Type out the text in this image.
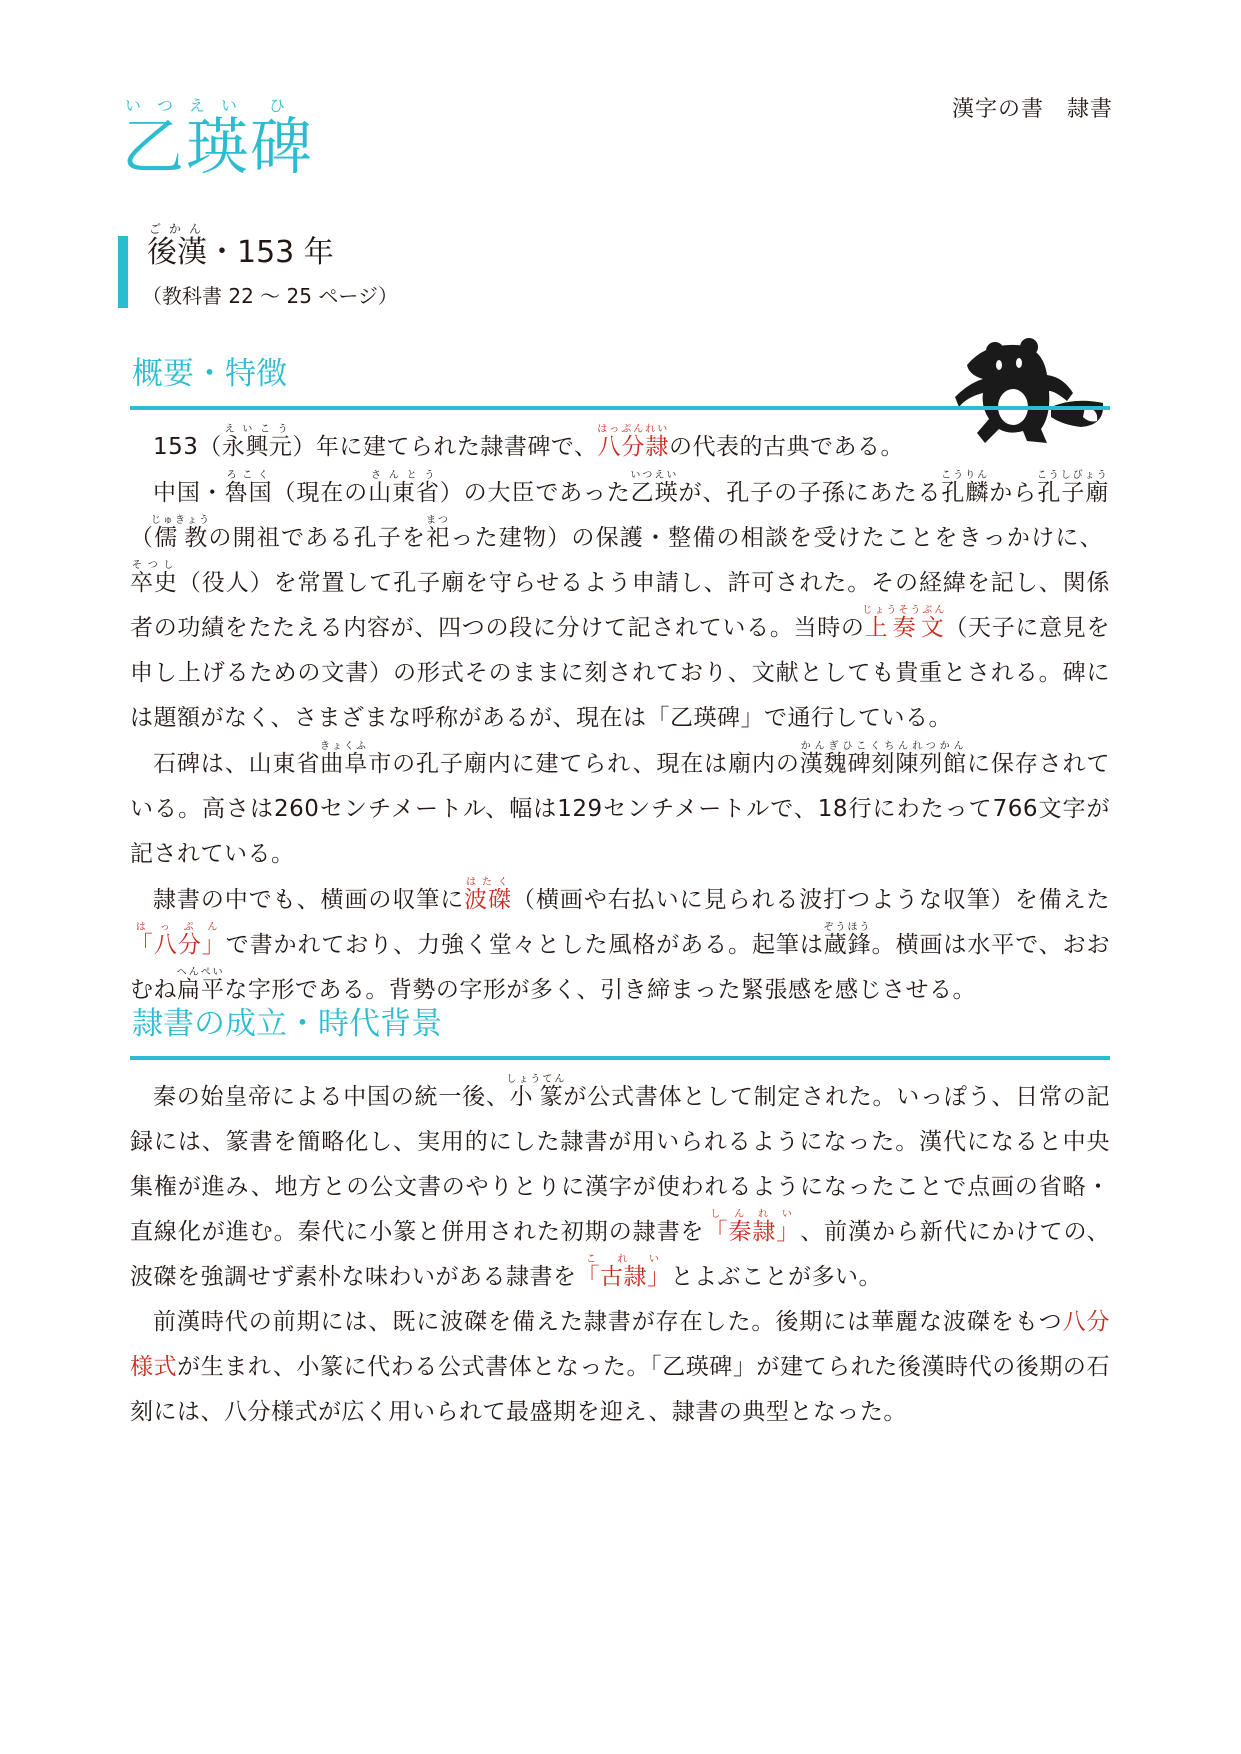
漢字の書　隷書
乙いつ瑛えい碑ひ
後漢ごかん・153 年
（教科書 22 〜 25 ページ）
概要・特徴

153（永興元えいこう）年に建てられた隷書碑で、八分隷はっぷんれいの代表的古典である。

中国・魯国ろこく（現在の山東省さんとう）の大臣であった乙瑛いつえいが、孔子の子孫にあたる孔麟こうりんから孔子廟こうしびょう（儒教じゅきょうの開祖である孔子を祀まつった建物）の保護・整備の相談を受けたことをきっかけに、卒史そつし（役人）を常置して孔子廟を守らせるよう申請し、許可された。その経緯を記し、関係者の功績をたたえる内容が、四つの段に分けて記されている。当時の上奏文じょうそうぶん（天子に意見を申し上げるための文書）の形式そのままに刻されており、文献としても貴重とされる。碑には題額がなく、さまざまな呼称があるが、現在は「乙瑛碑」で通行している。

石碑は、山東省曲阜きょくふ市の孔子廟内に建てられ、現在は廟内の漢魏碑刻陳列館かんぎひこくちんれつかんに保存されている。高さは260センチメートル、幅は129センチメートルで、18行にわたって766文字が記されている。

隷書の中でも、横画の収筆に波磔はたく（横画や右払いに見られる波打つような収筆）を備えた「八分」はっぷんで書かれており、力強く堂々とした風格がある。起筆は蔵鋒ぞうほう。横画は水平で、おおむね扁平へんぺいな字形である。背勢の字形が多く、引き締まった緊張感を感じさせる。

隷書の成立・時代背景

秦の始皇帝による中国の統一後、小篆しょうてんが公式書体として制定された。いっぽう、日常の記録には、篆書を簡略化し、実用的にした隷書が用いられるようになった。漢代になると中央集権が進み、地方との公文書のやりとりに漢字が使われるようになったことで点画の省略・直線化が進む。秦代に小篆と併用された初期の隷書を「秦隷」しんれい、前漢から新代にかけての、波磔を強調せず素朴な味わいがある隷書を「古隷」これいとよぶことが多い。

前漢時代の前期には、既に波磔を備えた隷書が存在した。後期には華麗な波磔をもつ八分様式が生まれ、小篆に代わる公式書体となった。「乙瑛碑」が建てられた後漢時代の後期の石刻には、八分様式が広く用いられて最盛期を迎え、隷書の典型となった。
